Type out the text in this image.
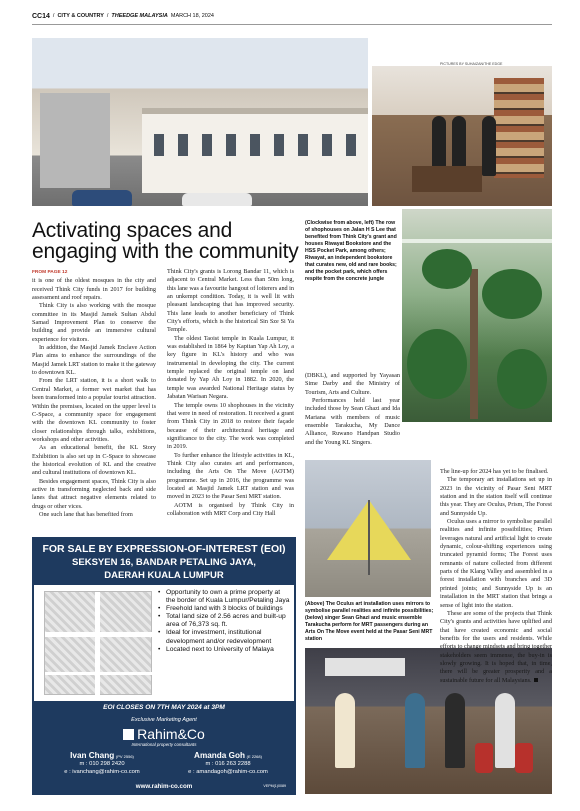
CC14 / CITY & COUNTRY / THEEDGE MALAYSIA MARCH 18, 2024
PICTURES BY SUHAIZAN/THE EDGE
Activating spaces and engaging with the community

FROM PAGE 12

it is one of the oldest mosques in the city and received Think City funds in 2017 for building assessment and roof repairs.

Think City is also working with the mosque committee in its Masjid Jamek Sultan Abdul Samad Improvement Plan to conserve the building and provide an immersive cultural experience for visitors.

In addition, the Masjid Jamek Enclave Action Plan aims to enhance the surroundings of the Masjid Jamek LRT station to make it the gateway to downtown KL.

From the LRT station, it is a short walk to Central Market, a former wet market that has been transformed into a popular tourist attraction. Within the premises, located on the upper level is C-Space, a community space for engagement with the downtown KL community to foster closer relationships through talks, exhibitions, workshops and other activities.

As an educational benefit, the KL Story Exhibition is also set up in C-Space to showcase the historical evolution of KL and the creative and cultural institutions of downtown KL.

Besides engagement spaces, Think City is also active in transforming neglected back and side lanes that attract negative elements related to drugs or other vices.

One such lane that has benefited from

Think City's grants is Lorong Bandar 11, which is adjacent to Central Market. Less than 50m long, this lane was a favourite hangout of loiterers and in an unkempt condition. Today, it is well lit with pleasant landscaping that has improved security. This lane leads to another beneficiary of Think City's efforts, which is the historical Sin Sze Si Ya Temple.

The oldest Taoist temple in Kuala Lumpur, it was established in 1864 by Kapitan Yap Ah Loy, a key figure in KL's history and who was instrumental in developing the city. The current temple replaced the original temple on land donated by Yap Ah Loy in 1882. In 2020, the temple was awarded National Heritage status by Jabatan Warisan Negara.

The temple owns 10 shophouses in the vicinity that were in need of restoration. It received a grant from Think City in 2018 to restore their façade because of their architectural heritage and significance to the city. The work was completed in 2019.

To further enhance the lifestyle activities in KL, Think City also curates art and performances, including the Arts On The Move (AOTM) programme. Set up in 2016, the programme was located at Masjid Jamek LRT station and was moved in 2023 to the Pasar Seni MRT station.

AOTM is organised by Think City in collaboration with MRT Corp and City Hall

(Clockwise from above, left) The row of shophouses on Jalan H S Lee that benefited from Think City's grant and houses Riwayat Bookstore and the HSS Pocket Park, among others; Riwayat, an independent bookstore that curates new, old and rare books; and the pocket park, which offers respite from the concrete jungle

(DBKL), and supported by Yayasan Sime Darby and the Ministry of Tourism, Arts and Culture.

Performances held last year included those by Sean Ghazi and Ida Mariana with members of music ensemble Tarakucha, My Dance Alliance, Ruwano Handpan Studio and the Young KL Singers.

The line-up for 2024 has yet to be finalised.

The temporary art installations set up in 2023 in the vicinity of Pasar Seni MRT station and in the station itself will continue this year. They are Oculus, Prism, The Forest and Sunnyside Up.

Oculus uses a mirror to symbolise parallel realities and infinite possibilities; Prism leverages natural and artificial light to create dynamic, colour-shifting experiences using truncated pyramid forms; The Forest uses remnants of nature collected from different parts of the Klang Valley and assembled in a forest installation with branches and 3D printed joints; and Sunnyside Up is an installation in the MRT station that brings a sense of light into the station.

These are some of the projects that Think City's grants and activities have uplifted and that have created economic and social benefits for the users and residents. While efforts to change mindsets and bring together stakeholders seem immense, the buy-in is slowly growing. It is hoped that, in time, there will be greater prosperity and a sustainable future for all Malaysians.

(Above) The Oculus art installation uses mirrors to symbolise parallel realities and infinite possibilities; (below) singer Sean Ghazi and music ensemble Tarakucha perform for MRT passengers during an Arts On The Move event held at the Pasar Seni MRT station
FOR SALE BY EXPRESSION-OF-INTEREST (EOI)
SEKSYEN 16, BANDAR PETALING JAYA,
DAERAH KUALA LUMPUR
• Opportunity to own a prime property at the border of Kuala Lumpur/Petaling Jaya
• Freehold land with 3 blocks of buildings
• Total land size of 2.56 acres and built-up area of 76,373 sq. ft.
• Ideal for investment, institutional development and/or redevelopment
• Located next to University of Malaya
EOI CLOSES ON 7TH MAY 2024 at 3PM
Exclusive Marketing Agent
Rahim&Co
International property consultants
Ivan Chang (PV 2556)
m : 010 298 2420
e : ivanchang@rahim-co.com
Amanda Goh (E 2268)
m : 016 263 2288
e : amandagoh@rahim-co.com
www.rahim-co.com	VEPM(1)0089
